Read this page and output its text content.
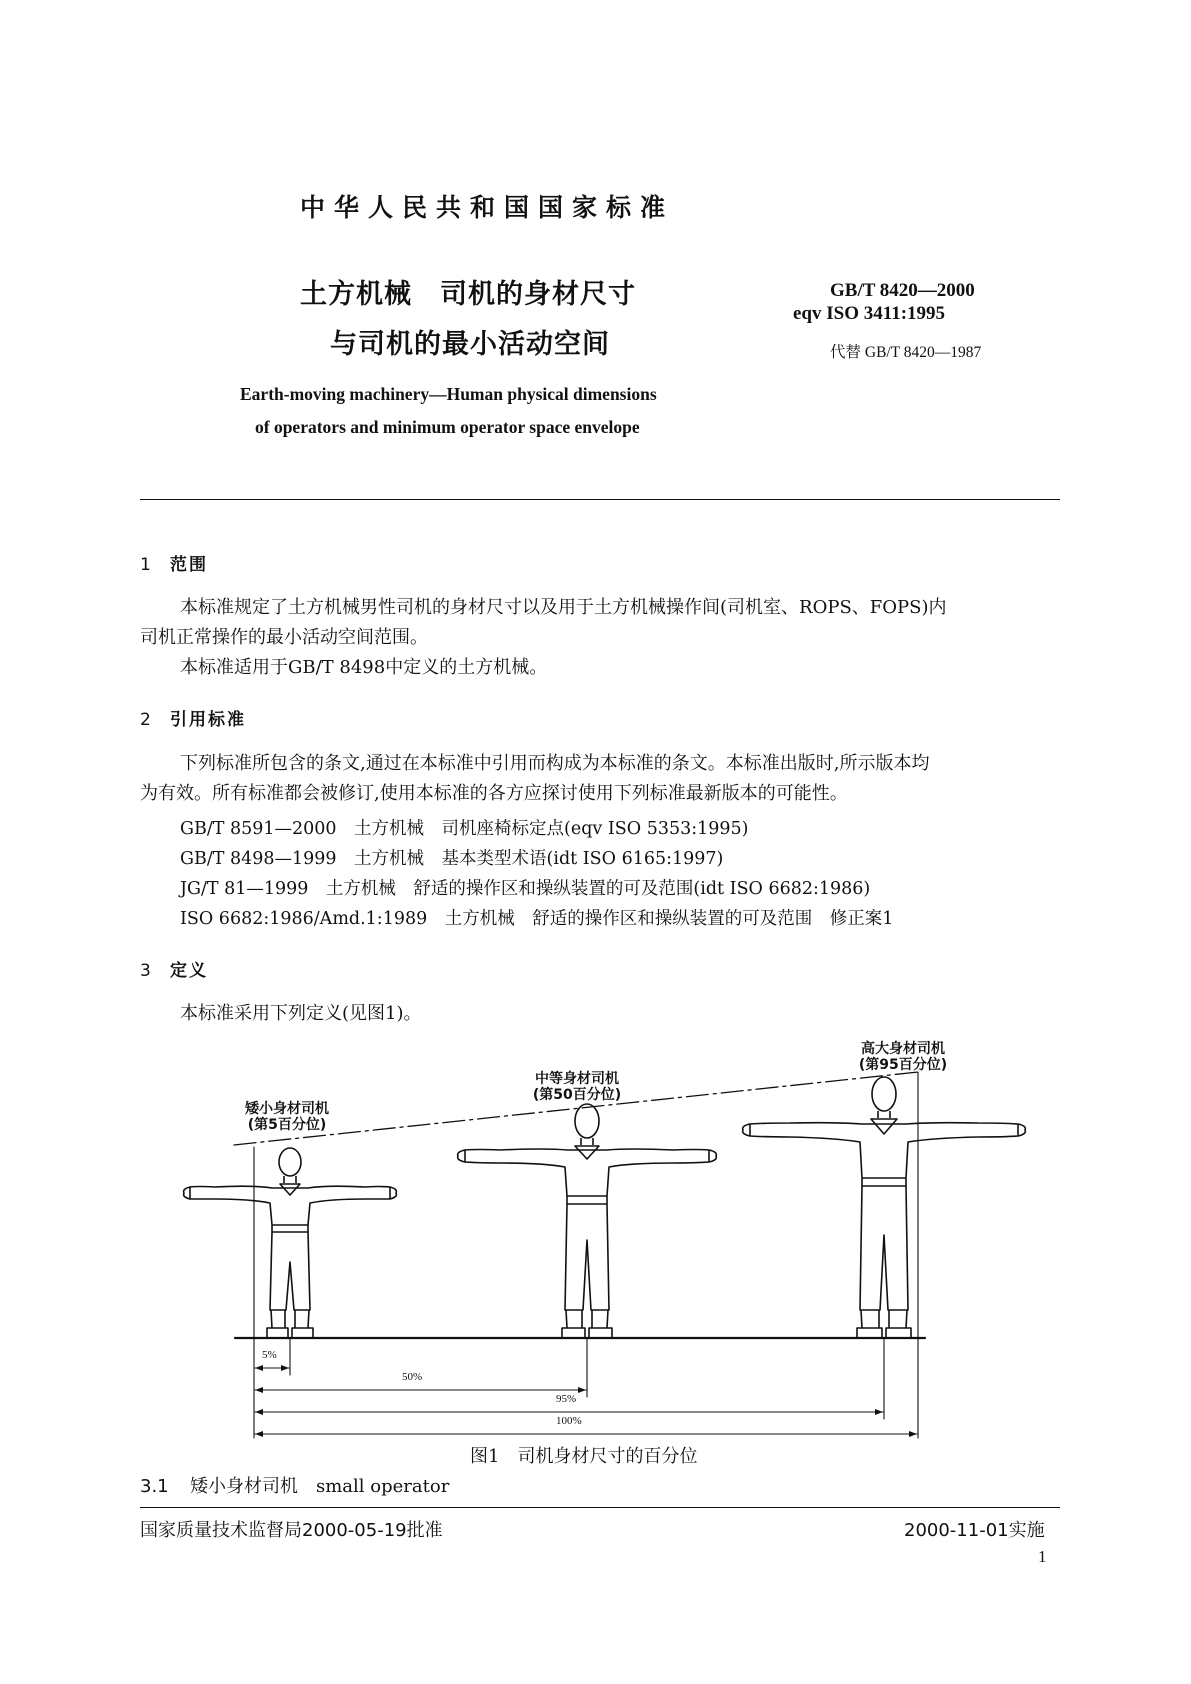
中华人民共和国国家标准
土方机械　司机的身材尺寸
与司机的最小活动空间
GB/T 8420—2000
eqv ISO 3411:1995
代替 GB/T 8420—1987
Earth-moving machinery—Human physical dimensions
of operators and minimum operator space envelope
1 范围
本标准规定了土方机械男性司机的身材尺寸以及用于土方机械操作间(司机室、ROPS、FOPS)内
司机正常操作的最小活动空间范围。
本标准适用于GB/T 8498中定义的土方机械。
2 引用标准
下列标准所包含的条文,通过在本标准中引用而构成为本标准的条文。本标准出版时,所示版本均
为有效。所有标准都会被修订,使用本标准的各方应探讨使用下列标准最新版本的可能性。
GB/T 8591—2000　土方机械　司机座椅标定点(eqv ISO 5353:1995)
GB/T 8498—1999　土方机械　基本类型术语(idt ISO 6165:1997)
JG/T 81—1999　土方机械　舒适的操作区和操纵装置的可及范围(idt ISO 6682:1986)
ISO 6682:1986/Amd.1:1989　土方机械　舒适的操作区和操纵装置的可及范围　修正案1
3 定义
本标准采用下列定义(见图1)。
矮小身材司机
(第5百分位)
中等身材司机
(第50百分位)
高大身材司机
(第95百分位)
5%
50%
95%
100%
图1　司机身材尺寸的百分位
3.1 矮小身材司机　small operator
国家质量技术监督局2000-05-19批准	2000-11-01实施
1
